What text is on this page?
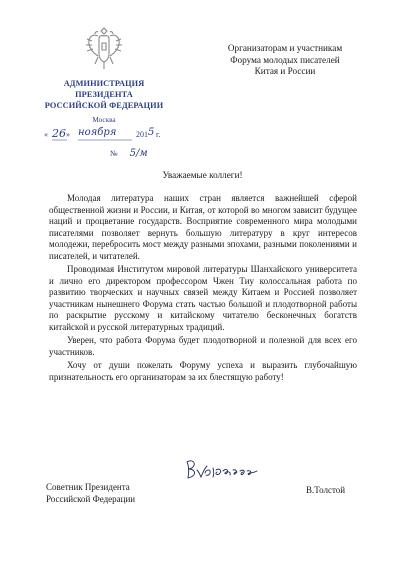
АДМИНИСТРАЦИЯ
ПРЕЗИДЕНТА
РОССИЙСКОЙ ФЕДЕРАЦИИ
Москва
« 26 » ноября 201 5 г.
№ 5/м
Организаторам и участникам
Форума молодых писателей
Китая и России
Уважаемые коллеги!

Молодая литература наших стран является важнейшей сферой общественной жизни и России, и Китая, от которой во многом зависит будущее наций и процветание государств. Восприятие современного мира молодыми писателями позволяет вернуть большую литературу в круг интересов молодежи, перебросить мост между разными эпохами, разными поколениями и писателей, и читателей.

Проводимая Институтом мировой литературы Шанхайского университета и лично его директором профессором Чжен Тиу колоссальная работа по развитию творческих и научных связей между Китаем и Россией позволяет участникам нынешнего Форума стать частью большой и плодотворной работы по раскрытие русскому и китайскому читателю бесконечных богатств китайской и русской литературных традиций.

Уверен, что работа Форума будет плодотворной и полезной для всех его участников.

Хочу от души пожелать Форуму успеха и выразить глубочайшую признательность его организаторам за их блестящую работу!

Советник Президента
Российской Федерации
В.Толстой
